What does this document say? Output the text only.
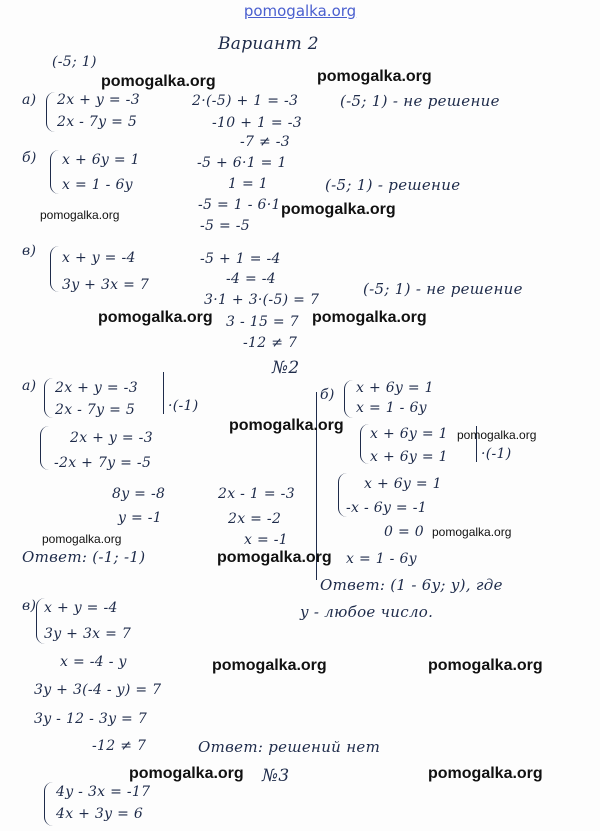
pomogalka.org
Вариант 2
(-5; 1)
а) 2x + y = -3
2x - 7y = 5
2·(-5) + 1 = -3
-10 + 1 = -3
-7 ≠ -3
(-5; 1) - не решение
б) x + 6y = 1
x = 1 - 6y
-5 + 6·1 = 1
1 = 1
-5 = 1 - 6·1
-5 = -5
(-5; 1) - решение
в) x + y = -4
3y + 3x = 7
-5 + 1 = -4
-4 = -4
3·1 + 3·(-5) = 7
3 - 15 = 7
-12 ≠ 7
(-5; 1) - не решение
№2
а) 2x + y = -3
2x - 7y = 5 ·(-1)
2x + y = -3
-2x + 7y = -5
8y = -8
y = -1
2x - 1 = -3
2x = -2
x = -1
Ответ: (-1; -1)
б) x + 6y = 1
x = 1 - 6y
x + 6y = 1
x + 6y = 1 ·(-1)
x + 6y = 1
-x - 6y = -1
0 = 0
x = 1 - 6y
Ответ: (1 - 6y; y), где
y - любое число.
в) x + y = -4
3y + 3x = 7
x = -4 - y
3y + 3(-4 - y) = 7
3y - 12 - 3y = 7
-12 ≠ 7	Ответ: решений нет
№3
4y - 3x = -17
4x + 3y = 6
pomogalka.org	pomogalka.org
pomogalka.org	pomogalka.org
pomogalka.org	pomogalka.org
pomogalka.org
pomogalka.org
pomogalka.org	pomogalka.org
pomogalka.org
pomogalka.org	pomogalka.org
pomogalka.org	pomogalka.org
